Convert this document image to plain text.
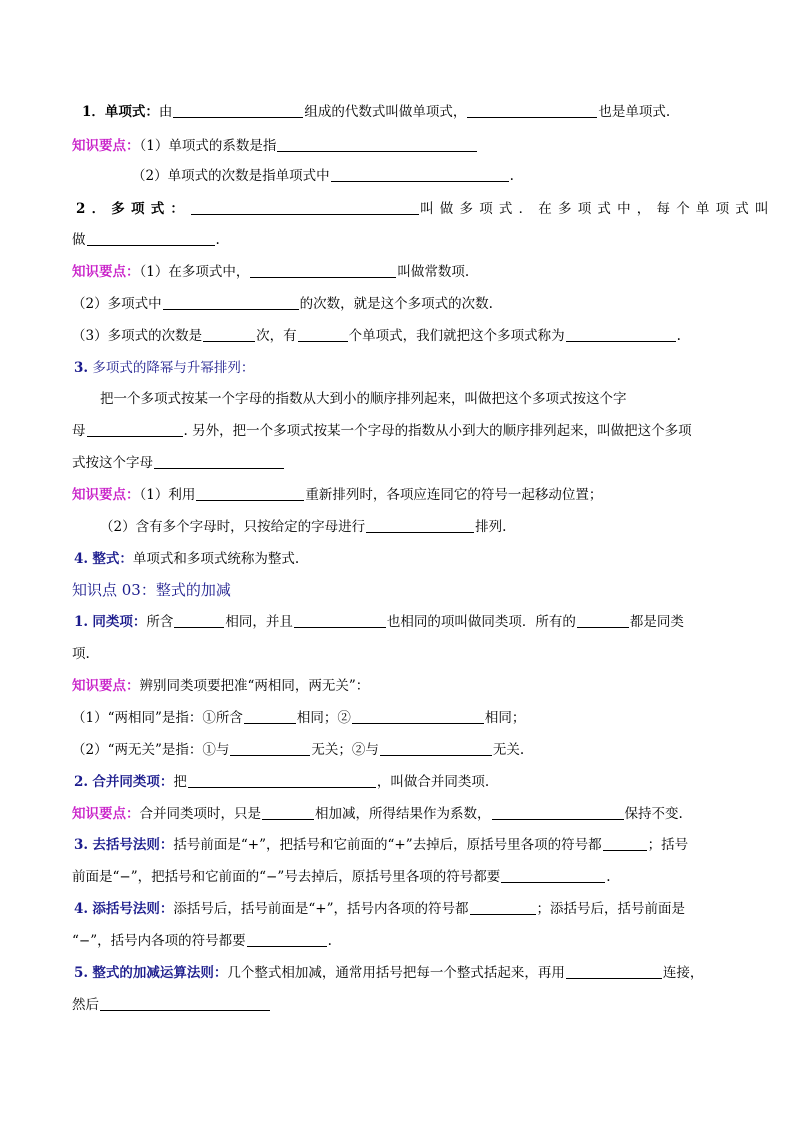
1．单项式：由	组成的代数式叫做单项式，	也是单项式.
知识要点：（1）单项式的系数是指
（2）单项式的次数是指单项式中	.
2．多项式：	叫做多项式．在多项式中，每个单项式叫
做	.
知识要点：（1）在多项式中，	叫做常数项.
（2）多项式中	的次数，就是这个多项式的次数.
（3）多项式的次数是	次，有	个单项式，我们就把这个多项式称为	.
3. 多项式的降幂与升幂排列：
把一个多项式按某一个字母的指数从大到小的顺序排列起来，叫做把这个多项式按这个字
母	. 另外，把一个多项式按某一个字母的指数从小到大的顺序排列起来，叫做把这个多项
式按这个字母
知识要点：（1）利用	重新排列时，各项应连同它的符号一起移动位置；
（2）含有多个字母时，只按给定的字母进行	排列.
4. 整式：单项式和多项式统称为整式.
知识点 03：整式的加减
1. 同类项：所含	相同，并且	也相同的项叫做同类项．所有的	都是同类
项.
知识要点：辨别同类项要把准“两相同，两无关”：
（1）“两相同”是指：①所含	相同；②	相同；
（2）“两无关”是指：①与	无关；②与	无关.
2. 合并同类项：把	，叫做合并同类项.
知识要点：合并同类项时，只是	相加减，所得结果作为系数，	保持不变.
3. 去括号法则：括号前面是“+”，把括号和它前面的“+”去掉后，原括号里各项的符号都	；括号
前面是“−”，把括号和它前面的“−”号去掉后，原括号里各项的符号都要	.
4. 添括号法则：添括号后，括号前面是“+”，括号内各项的符号都	；添括号后，括号前面是
“−”，括号内各项的符号都要	.
5. 整式的加减运算法则：几个整式相加减，通常用括号把每一个整式括起来，再用	连接，
然后
